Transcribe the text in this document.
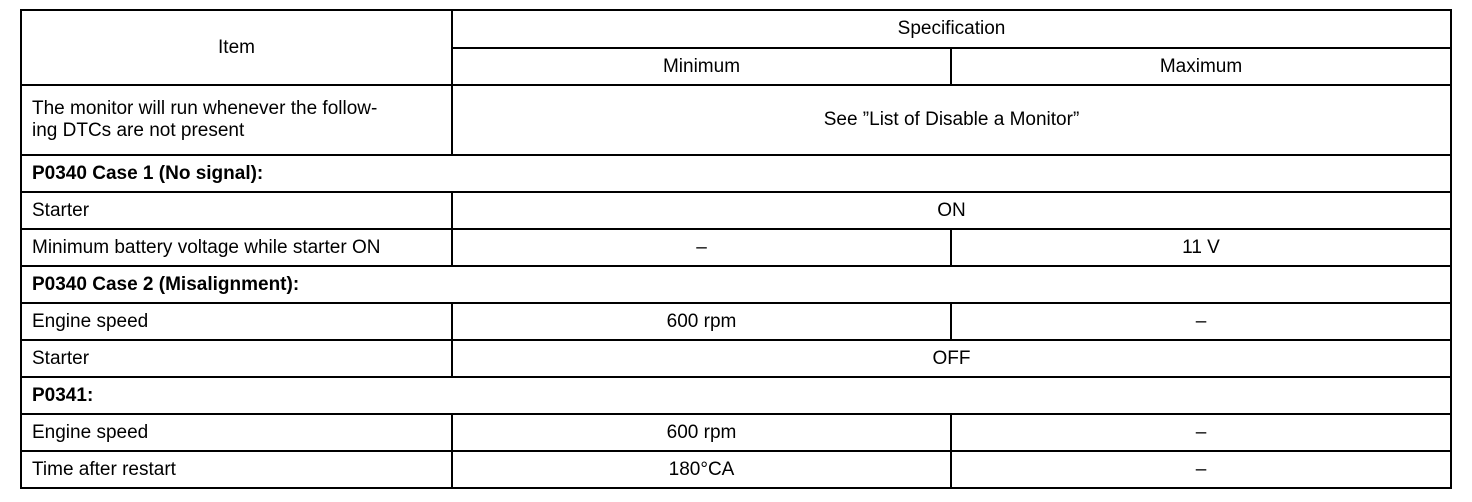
Item	Specification	
	Minimum	Maximum
The monitor will run whenever the follow-
ing DTCs are not present	See ”List of Disable a Monitor”	
P0340 Case 1 (No signal):		
Starter	ON	
Minimum battery voltage while starter ON	–	11 V
P0340 Case 2 (Misalignment):		
Engine speed	600 rpm	–
Starter	OFF	
P0341:		
Engine speed	600 rpm	–
Time after restart	180°CA	–
